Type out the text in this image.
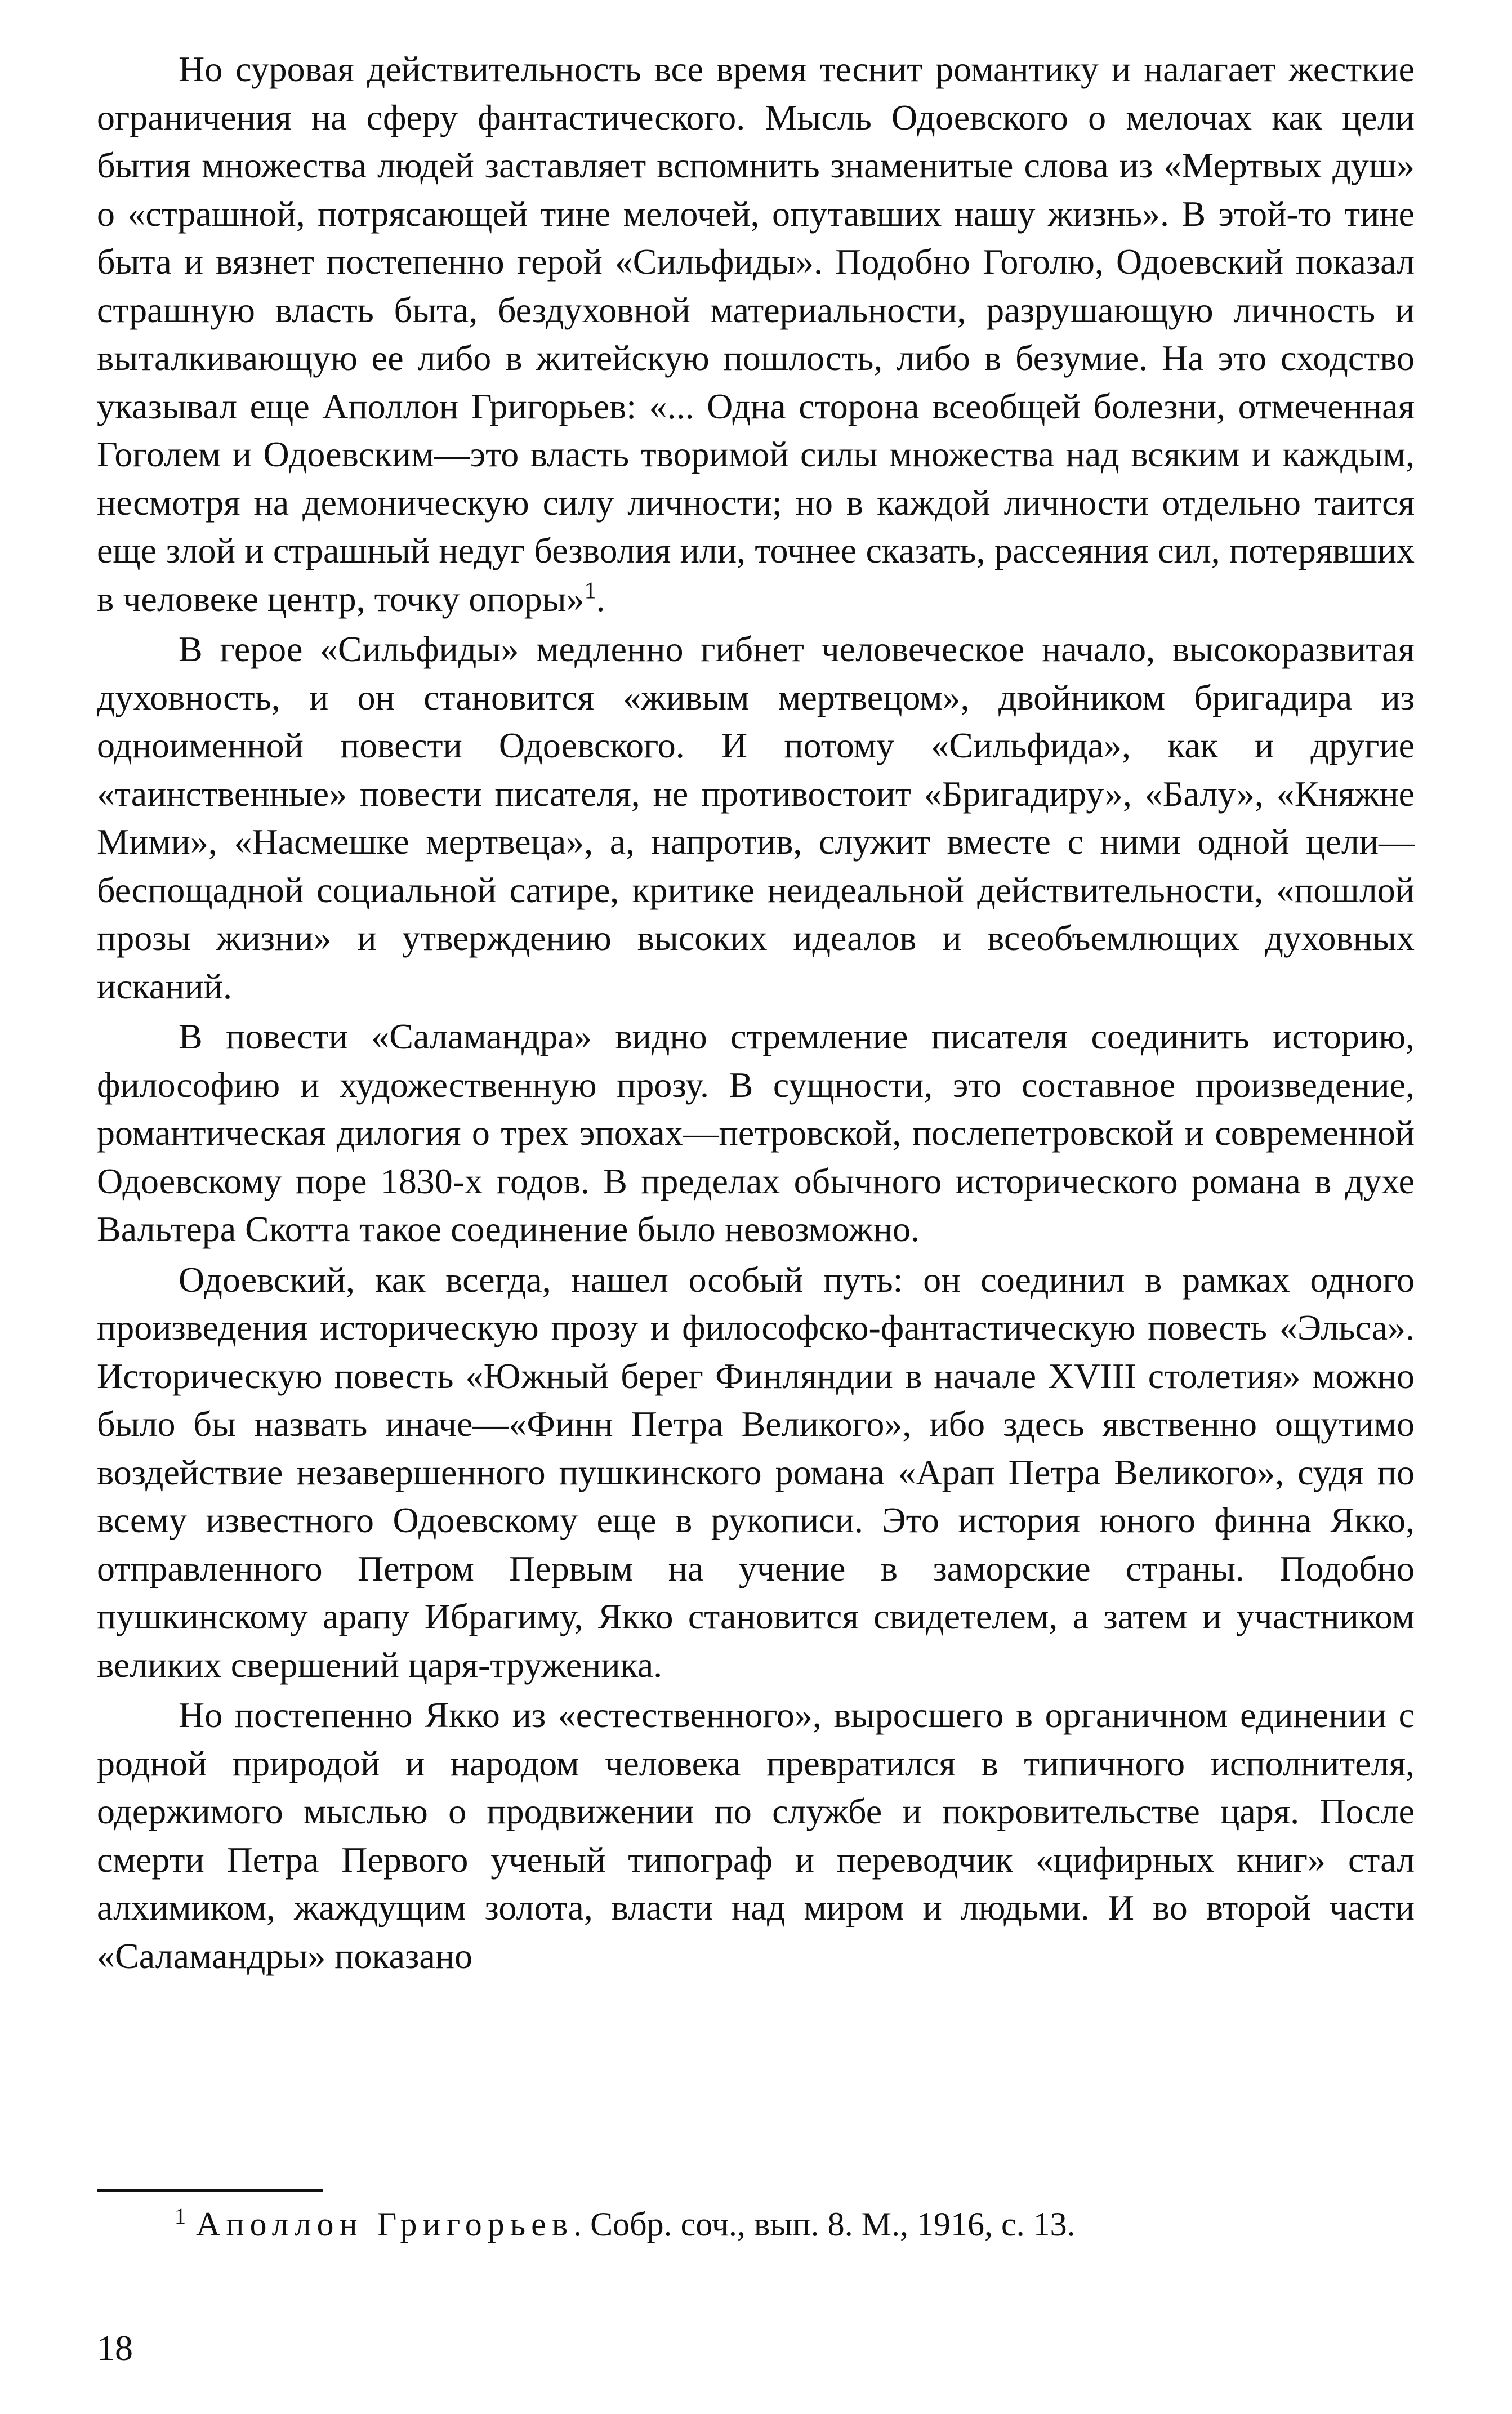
Но суровая действительность все время теснит романтику и налагает жесткие ограничения на сферу фантастического. Мысль Одоевского о мелочах как цели бытия множества людей заставляет вспомнить знаменитые слова из «Мертвых душ» о «страшной, потрясающей тине мелочей, опутавших нашу жизнь». В этой-то тине быта и вязнет постепенно герой «Сильфиды». Подобно Гоголю, Одоевский показал страшную власть быта, бездуховной материальности, разрушающую личность и выталкивающую ее либо в житейскую пошлость, либо в безумие. На это сходство указывал еще Аполлон Григорьев: «... Одна сторона всеобщей болезни, отмеченная Гоголем и Одоевским—это власть творимой силы множества над всяким и каждым, несмотря на демоническую силу личности; но в каждой личности отдельно таится еще злой и страшный недуг безволия или, точнее сказать, рассеяния сил, потерявших в человеке центр, точку опоры»$^1$.

В герое «Сильфиды» медленно гибнет человеческое начало, высокоразвитая духовность, и он становится «живым мертвецом», двойником бригадира из одноименной повести Одоевского. И потому «Сильфида», как и другие «таинственные» повести писателя, не противостоит «Бригадиру», «Балу», «Княжне Мими», «Насмешке мертвеца», а, напротив, служит вместе с ними одной цели—беспощадной социальной сатире, критике неидеальной действительности, «пошлой прозы жизни» и утверждению высоких идеалов и всеобъемлющих духовных исканий.

В повести «Саламандра» видно стремление писателя соединить историю, философию и художественную прозу. В сущности, это составное произведение, романтическая дилогия о трех эпохах—петровской, послепетровской и современной Одоевскому поре 1830-х годов. В пределах обычного исторического романа в духе Вальтера Скотта такое соединение было невозможно.

Одоевский, как всегда, нашел особый путь: он соединил в рамках одного произведения историческую прозу и философско-фантастическую повесть «Эльса». Историческую повесть «Южный берег Финляндии в начале XVIII столетия» можно было бы назвать иначе—«Финн Петра Великого», ибо здесь явственно ощутимо воздействие незавершенного пушкинского романа «Арап Петра Великого», судя по всему известного Одоевскому еще в рукописи. Это история юного финна Якко, отправленного Петром Первым на учение в заморские страны. Подобно пушкинскому арапу Ибрагиму, Якко становится свидетелем, а затем и участником великих свершений царя-труженика.

Но постепенно Якко из «естественного», выросшего в органичном единении с родной природой и народом человека превратился в типичного исполнителя, одержимого мыслью о продвижении по службе и покровительстве царя. После смерти Петра Первого ученый типограф и переводчик «цифирных книг» стал алхимиком, жаждущим золота, власти над миром и людьми. И во второй части «Саламандры» показано

$^1$ Аполлон Григорьев. Собр. соч., вып. 8. М., 1916, с. 13.
18
